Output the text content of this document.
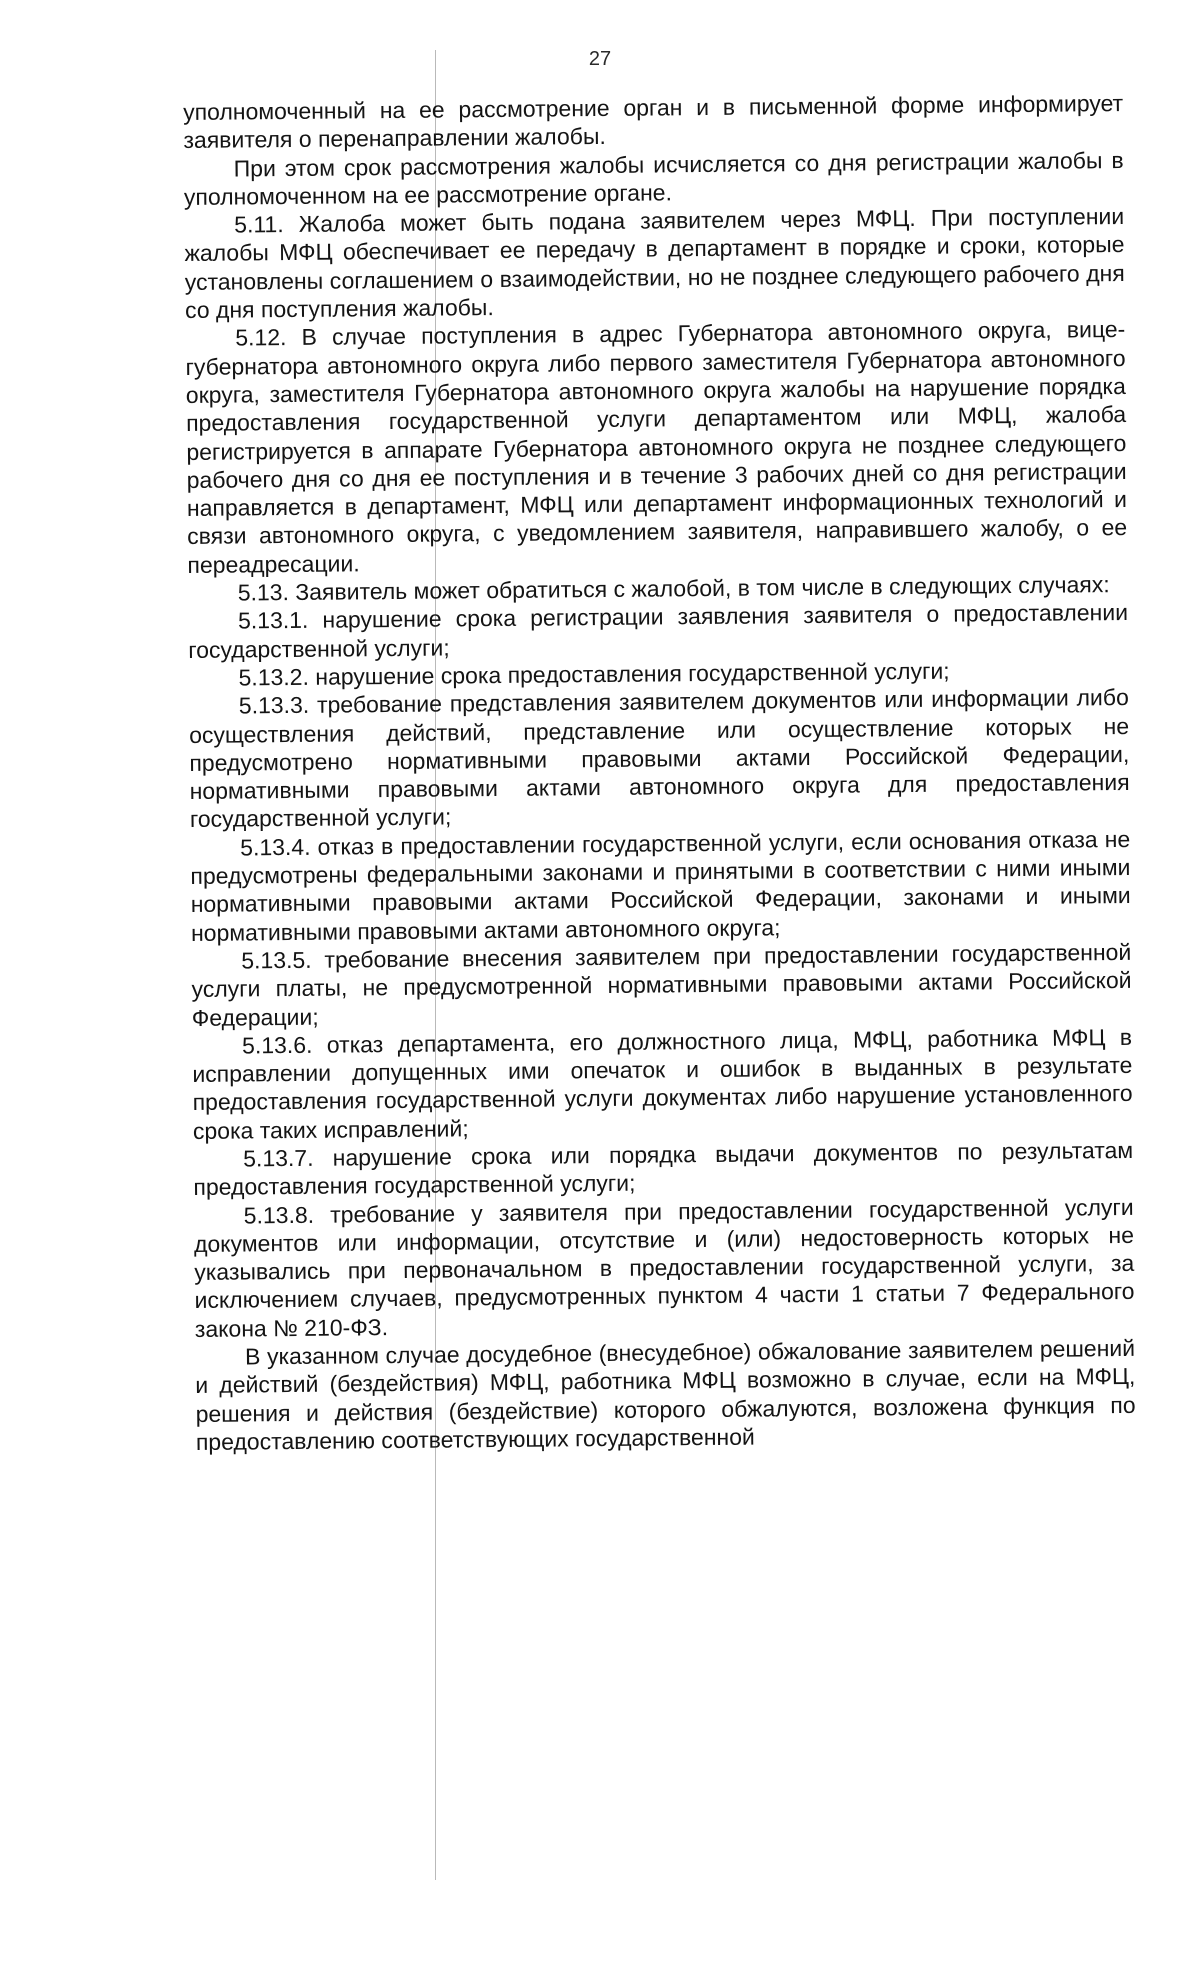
27

уполномоченный на ее рассмотрение орган и в письменной форме информирует заявителя о перенаправлении жалобы.

При этом срок рассмотрения жалобы исчисляется со дня регистрации жалобы в уполномоченном на ее рассмотрение органе.

5.11. Жалоба может быть подана заявителем через МФЦ. При поступлении жалобы МФЦ обеспечивает ее передачу в департамент в порядке и сроки, которые установлены соглашением о взаимодействии, но не позднее следующего рабочего дня со дня поступления жалобы.

5.12. В случае поступления в адрес Губернатора автономного округа, вице-губернатора автономного округа либо первого заместителя Губернатора автономного округа, заместителя Губернатора автономного округа жалобы на нарушение порядка предоставления государственной услуги департаментом или МФЦ, жалоба регистрируется в аппарате Губернатора автономного округа не позднее следующего рабочего дня со дня ее поступления и в течение 3 рабочих дней со дня регистрации направляется в департамент, МФЦ или департамент информационных технологий и связи автономного округа, с уведомлением заявителя, направившего жалобу, о ее переадресации.

5.13. Заявитель может обратиться с жалобой, в том числе в следующих случаях:

5.13.1. нарушение срока регистрации заявления заявителя о предоставлении государственной услуги;

5.13.2. нарушение срока предоставления государственной услуги;

5.13.3. требование представления заявителем документов или информации либо осуществления действий, представление или осуществление которых не предусмотрено нормативными правовыми актами Российской Федерации, нормативными правовыми актами автономного округа для предоставления государственной услуги;

5.13.4. отказ в предоставлении государственной услуги, если основания отказа не предусмотрены федеральными законами и принятыми в соответствии с ними иными нормативными правовыми актами Российской Федерации, законами и иными нормативными правовыми актами автономного округа;

5.13.5. требование внесения заявителем при предоставлении государственной услуги платы, не предусмотренной нормативными правовыми актами Российской Федерации;

5.13.6. отказ департамента, его должностного лица, МФЦ, работника МФЦ в исправлении допущенных ими опечаток и ошибок в выданных в результате предоставления государственной услуги документах либо нарушение установленного срока таких исправлений;

5.13.7. нарушение срока или порядка выдачи документов по результатам предоставления государственной услуги;

5.13.8. требование у заявителя при предоставлении государственной услуги документов или информации, отсутствие и (или) недостоверность которых не указывались при первоначальном в предоставлении государственной услуги, за исключением случаев, предусмотренных пунктом 4 части 1 статьи 7 Федерального закона № 210-ФЗ.

В указанном случае досудебное (внесудебное) обжалование заявителем решений и действий (бездействия) МФЦ, работника МФЦ возможно в случае, если на МФЦ, решения и действия (бездействие) которого обжалуются, возложена функция по предоставлению соответствующих государственной
